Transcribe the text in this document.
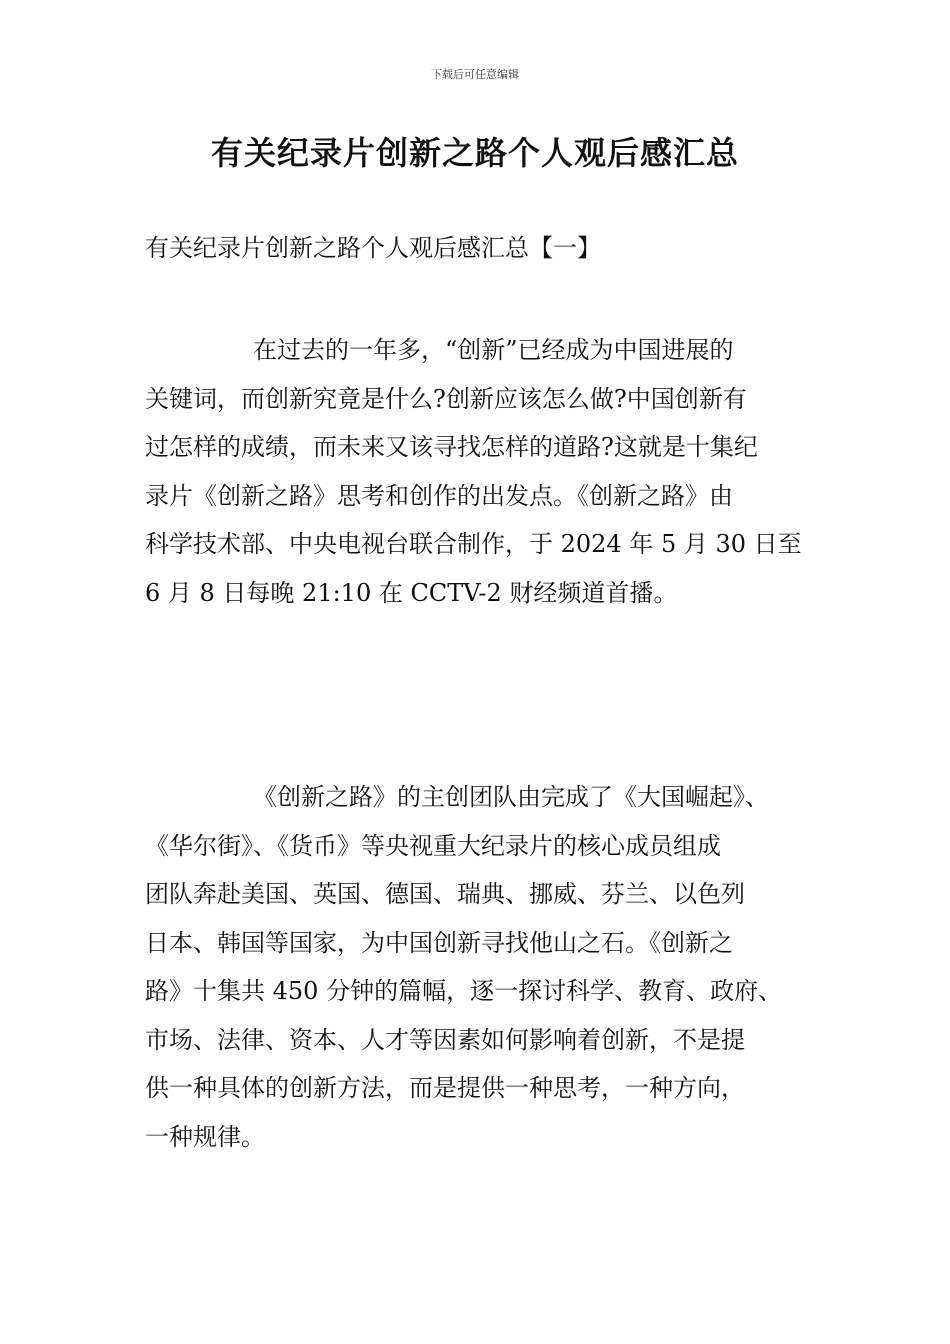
下载后可任意编辑
有关纪录片创新之路个人观后感汇总
有关纪录片创新之路个人观后感汇总【一】
在过去的一年多，“创新”已经成为中国进展的
关键词，而创新究竟是什么?创新应该怎么做?中国创新有
过怎样的成绩，而未来又该寻找怎样的道路?这就是十集纪
录片《创新之路》思考和创作的出发点。《创新之路》由
科学技术部、中央电视台联合制作，于 2024 年 5 月 30 日至
6 月 8 日每晚 21:10 在 CCTV-2 财经频道首播。
《创新之路》的主创团队由完成了《大国崛起》、
《华尔街》、《货币》等央视重大纪录片的核心成员组成
团队奔赴美国、英国、德国、瑞典、挪威、芬兰、以色列
日本、韩国等国家，为中国创新寻找他山之石。《创新之
路》十集共 450 分钟的篇幅，逐一探讨科学、教育、政府、
市场、法律、资本、人才等因素如何影响着创新，不是提
供一种具体的创新方法，而是提供一种思考，一种方向，
一种规律。
